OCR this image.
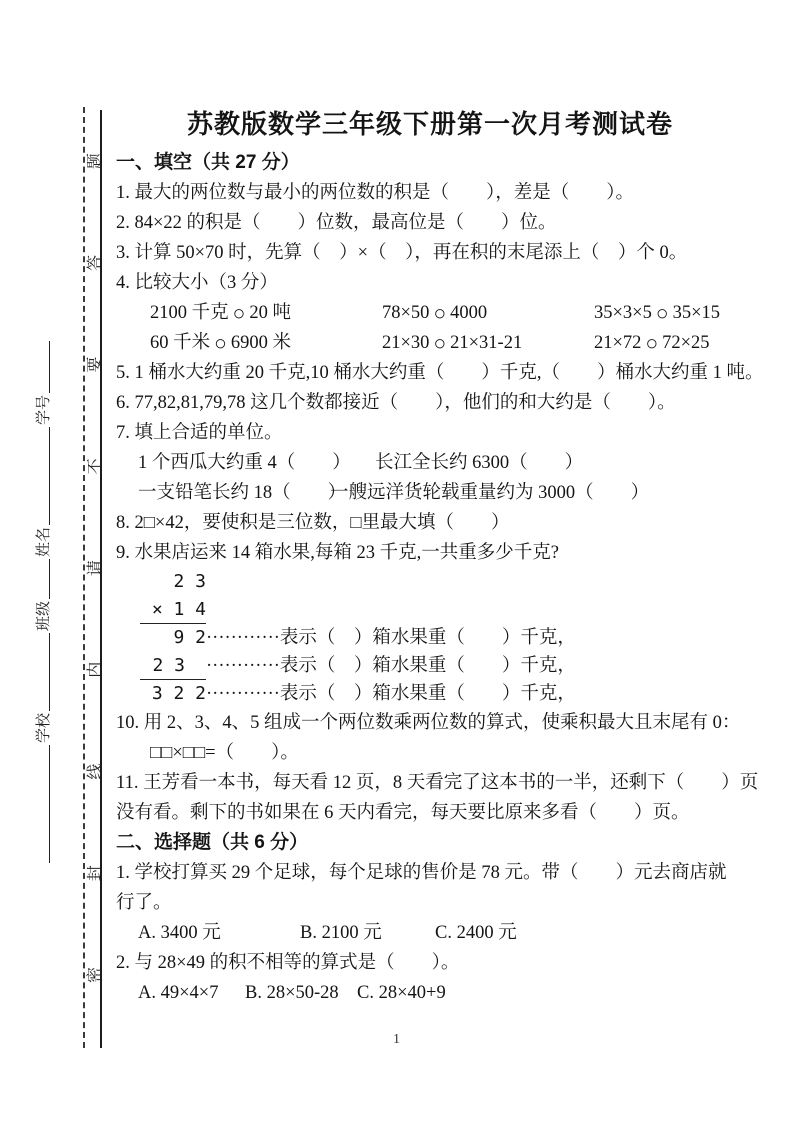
学校
班级
姓名
学号
密
封
线
内
请
不
要
答
题
苏教版数学三年级下册第一次月考测试卷
一、填空（共 27 分）
1. 最大的两位数与最小的两位数的积是（　　），差是（　　）。
2. 84×22 的积是（　　）位数，最高位是（　　）位。
3. 计算 50×70 时，先算（　）×（　），再在积的末尾添上（　）个 0。
4. 比较大小（3 分）
2100 千克 ○ 20 吨	78×50 ○ 4000	35×3×5 ○ 35×15
60 千米 ○ 6900 米	21×30 ○ 21×31-21	21×72 ○ 72×25
5. 1 桶水大约重 20 千克,10 桶水大约重（　　）千克,（　　）桶水大约重 1 吨。
6. 77,82,81,79,78 这几个数都接近（　　），他们的和大约是（　　）。
7. 填上合适的单位。
1 个西瓜大约重 4（　　）	长江全长约 6300（　　）
一支铅笔长约 18（　　）
一艘远洋货轮载重量约为 3000（　　）
8. 2□×42，要使积是三位数，□里最大填（　　）
9. 水果店运来 14 箱水果,每箱 23 千克,一共重多少千克?
2 3
× 1 4
9 2 ············表示（　）箱水果重（　　）千克，
2 3	············表示（　）箱水果重（　　）千克，
3 2 2 ············表示（　）箱水果重（　　）千克，
10. 用 2、3、4、5 组成一个两位数乘两位数的算式，使乘积最大且末尾有 0：
□□×□□=（　　）。
11. 王芳看一本书，每天看 12 页，8 天看完了这本书的一半，还剩下（　　）页
没有看。剩下的书如果在 6 天内看完，每天要比原来多看（　　）页。
二、选择题（共 6 分）
1. 学校打算买 29 个足球，每个足球的售价是 78 元。带（　　）元去商店就
行了。
A. 3400 元	B. 2100 元	C. 2400 元
2. 与 28×49 的积不相等的算式是（　　）。
A. 49×4×7	B. 28×50-28 C. 28×40+9
1
